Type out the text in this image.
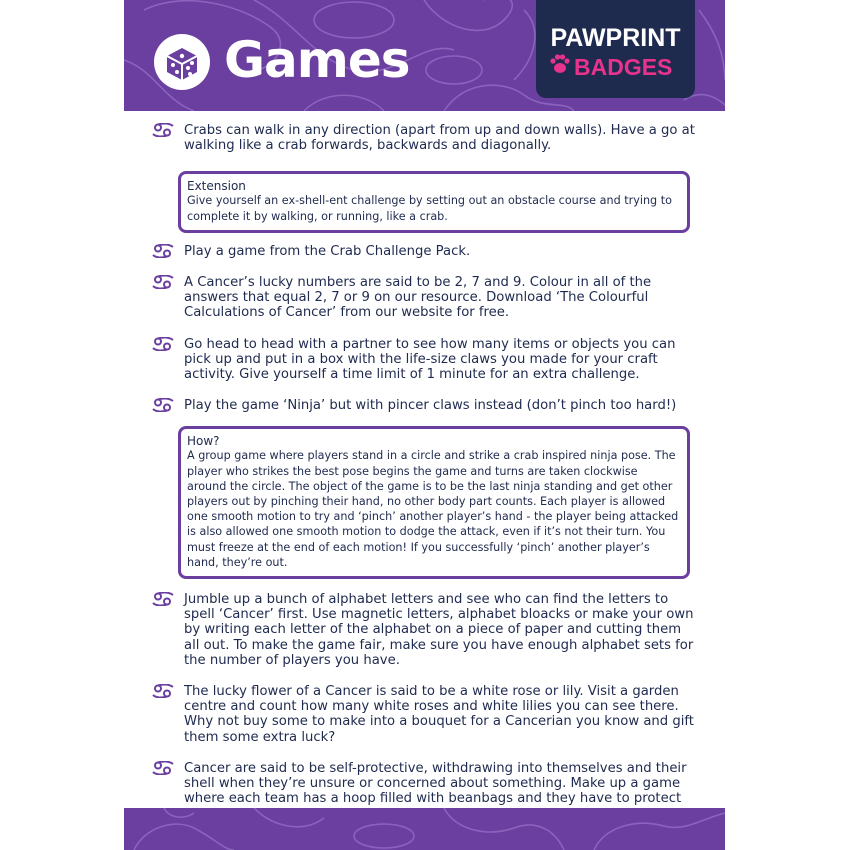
Games	PAWPRINT
BADGES
Crabs can walk in any direction (apart from up and down walls). Have a go at walking like a crab forwards, backwards and diagonally.
Extension
Give yourself an ex-shell-ent challenge by setting out an obstacle course and trying to complete it by walking, or running, like a crab.
Play a game from the Crab Challenge Pack.
A Cancer’s lucky numbers are said to be 2, 7 and 9. Colour in all of the answers that equal 2, 7 or 9 on our resource. Download ‘The Colourful Calculations of Cancer’ from our website for free.
Go head to head with a partner to see how many items or objects you can pick up and put in a box with the life-size claws you made for your craft activity. Give yourself a time limit of 1 minute for an extra challenge.
Play the game ‘Ninja’ but with pincer claws instead (don’t pinch too hard!)
How?
A group game where players stand in a circle and strike a crab inspired ninja pose. The player who strikes the best pose begins the game and turns are taken clockwise around the circle. The object of the game is to be the last ninja standing and get other players out by pinching their hand, no other body part counts. Each player is allowed one smooth motion to try and ‘pinch’ another player’s hand - the player being attacked is also allowed one smooth motion to dodge the attack, even if it’s not their turn. You must freeze at the end of each motion! If you successfully ‘pinch’ another player’s hand, they’re out.
Jumble up a bunch of alphabet letters and see who can find the letters to spell ‘Cancer’ first. Use magnetic letters, alphabet bloacks or make your own by writing each letter of the alphabet on a piece of paper and cutting them all out. To make the game fair, make sure you have enough alphabet sets for the number of players you have.
The lucky flower of a Cancer is said to be a white rose or lily. Visit a garden centre and count how many white roses and white lilies you can see there. Why not buy some to make into a bouquet for a Cancerian you know and gift them some extra luck?
Cancer are said to be self-protective, withdrawing into themselves and their shell when they’re unsure or concerned about something. Make up a game where each team has a hoop filled with beanbags and they have to protect
